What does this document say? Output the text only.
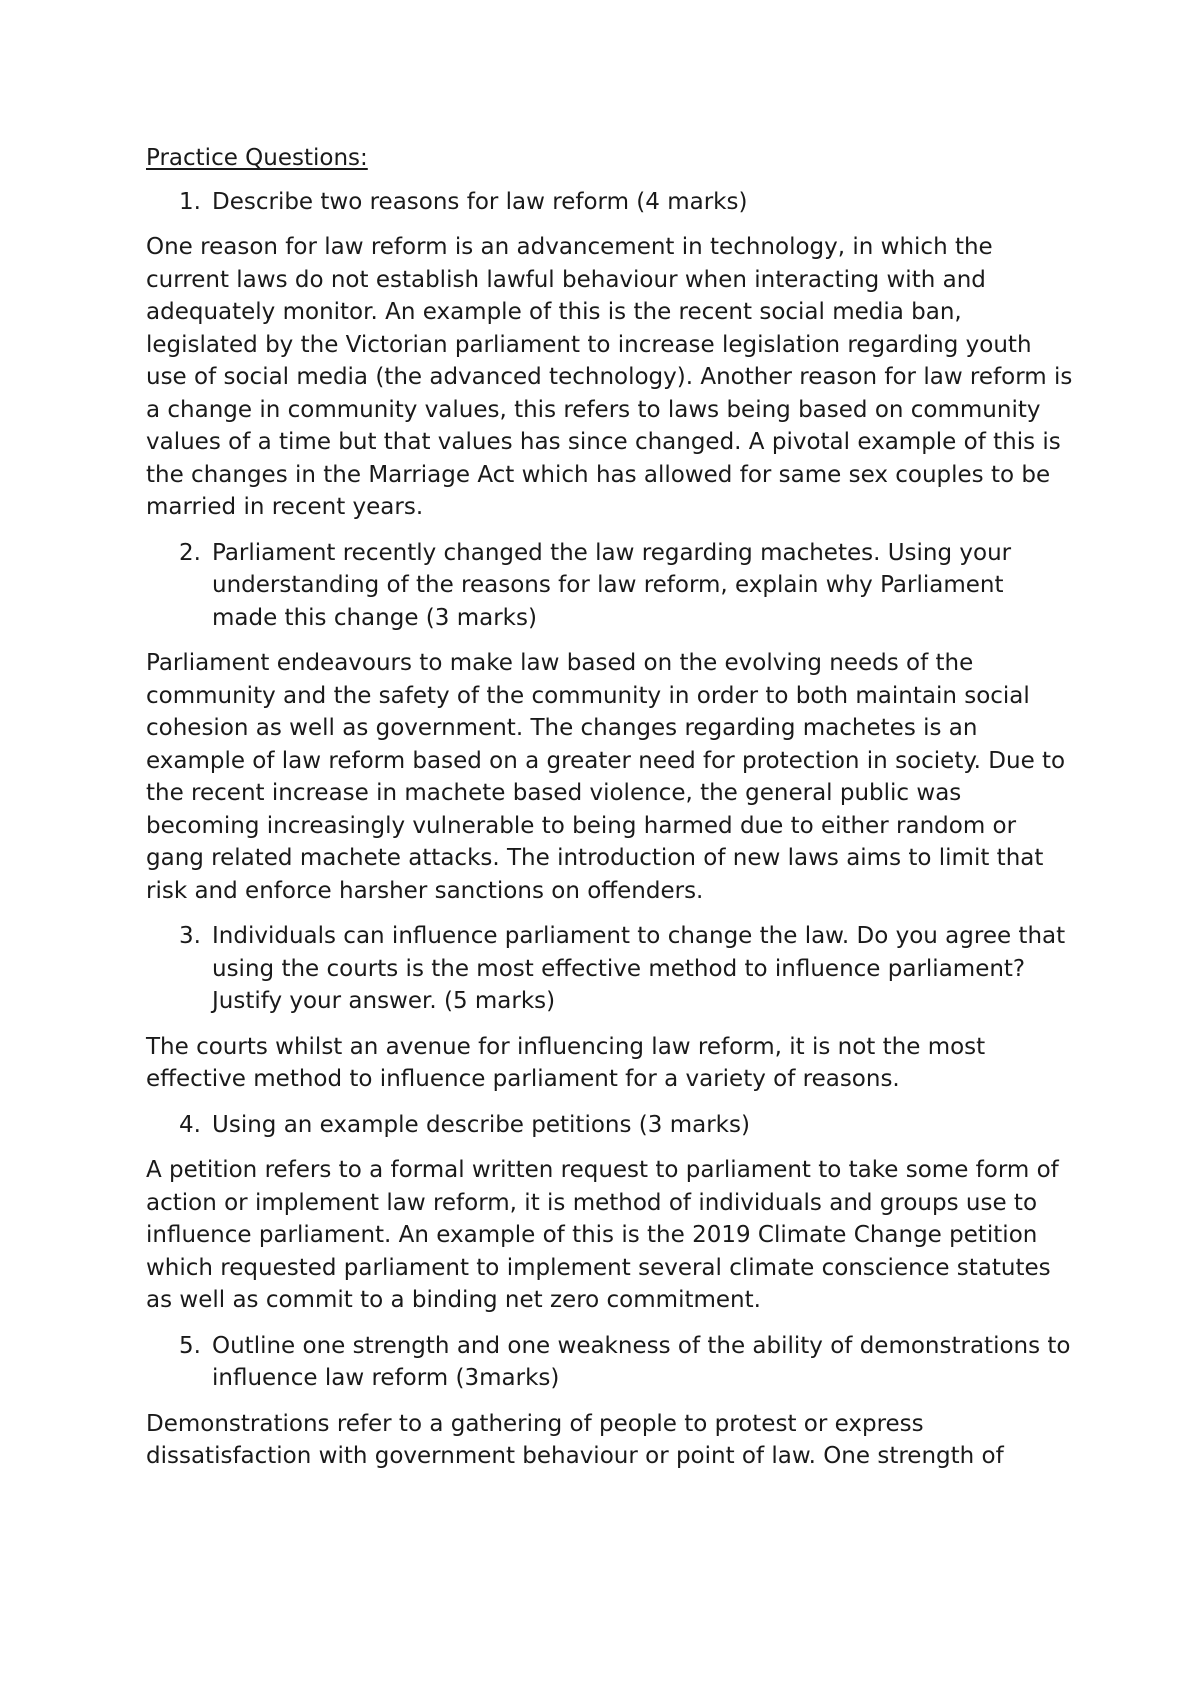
Practice Questions:
1. Describe two reasons for law reform (4 marks)
One reason for law reform is an advancement in technology, in which the current laws do not establish lawful behaviour when interacting with and adequately monitor. An example of this is the recent social media ban, legislated by the Victorian parliament to increase legislation regarding youth use of social media (the advanced technology). Another reason for law reform is a change in community values, this refers to laws being based on community values of a time but that values has since changed. A pivotal example of this is the changes in the Marriage Act which has allowed for same sex couples to be married in recent years.
2. Parliament recently changed the law regarding machetes. Using your understanding of the reasons for law reform, explain why Parliament made this change (3 marks)
Parliament endeavours to make law based on the evolving needs of the community and the safety of the community in order to both maintain social cohesion as well as government. The changes regarding machetes is an example of law reform based on a greater need for protection in society. Due to the recent increase in machete based violence, the general public was becoming increasingly vulnerable to being harmed due to either random or gang related machete attacks. The introduction of new laws aims to limit that risk and enforce harsher sanctions on offenders.
3. Individuals can influence parliament to change the law. Do you agree that using the courts is the most effective method to influence parliament? Justify your answer. (5 marks)
The courts whilst an avenue for influencing law reform, it is not the most effective method to influence parliament for a variety of reasons.
4. Using an example describe petitions (3 marks)
A petition refers to a formal written request to parliament to take some form of action or implement law reform, it is method of individuals and groups use to influence parliament. An example of this is the 2019 Climate Change petition which requested parliament to implement several climate conscience statutes as well as commit to a binding net zero commitment.
5. Outline one strength and one weakness of the ability of demonstrations to influence law reform (3marks)
Demonstrations refer to a gathering of people to protest or express dissatisfaction with government behaviour or point of law. One strength of
